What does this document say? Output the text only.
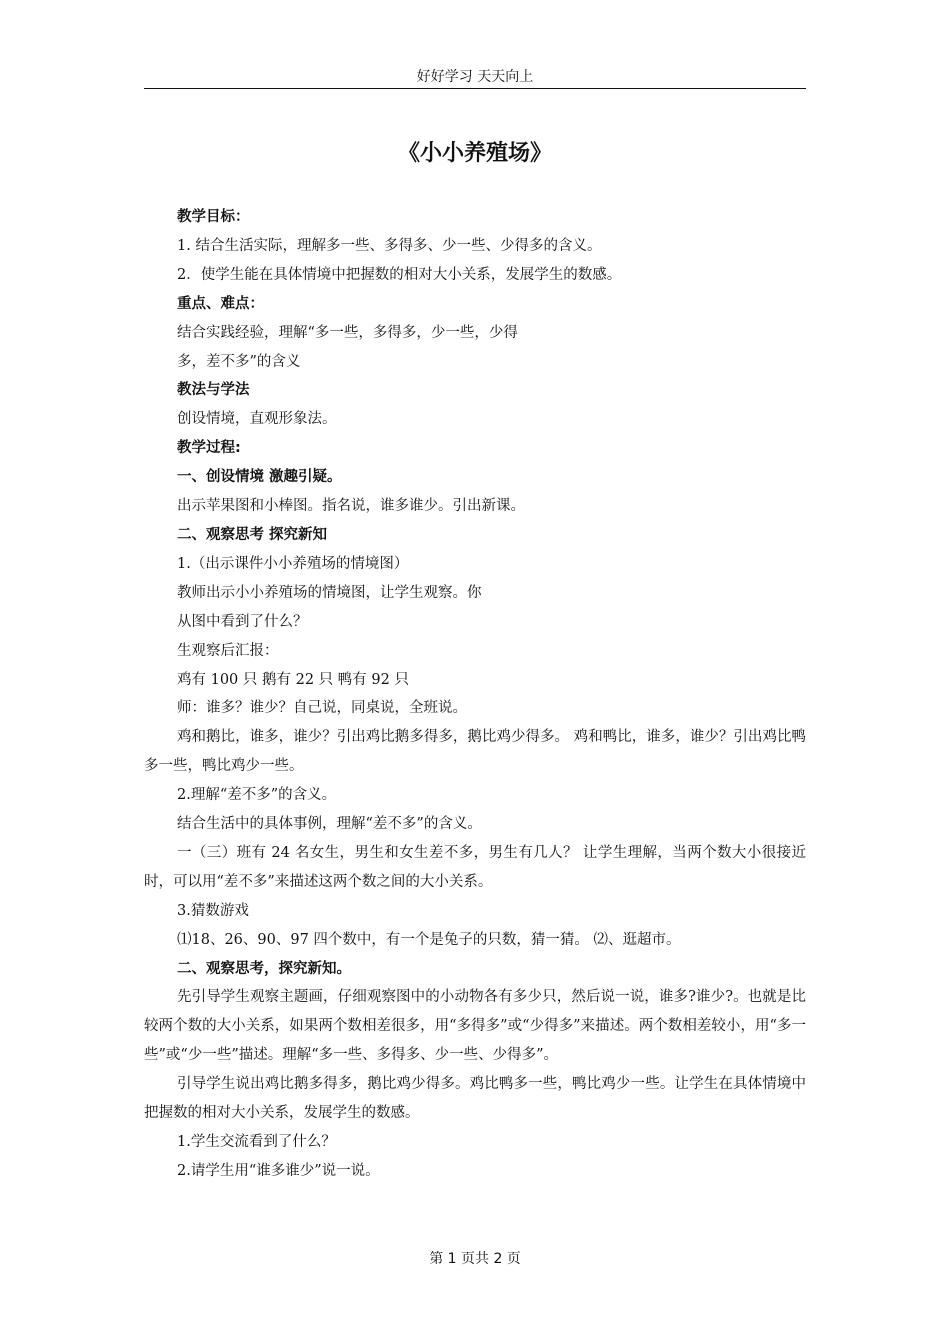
好好学习 天天向上
《小小养殖场》
教学目标：
1. 结合生活实际，理解多一些、多得多、少一些、少得多的含义。
2．使学生能在具体情境中把握数的相对大小关系，发展学生的数感。
重点、难点：
结合实践经验，理解“多一些，多得多，少一些，少得
多，差不多”的含义
教法与学法
创设情境，直观形象法。
教学过程:
一、创设情境 激趣引疑。
出示苹果图和小棒图。指名说，谁多谁少。引出新课。
二、观察思考 探究新知
1.（出示课件小小养殖场的情境图）
教师出示小小养殖场的情境图，让学生观察。你
从图中看到了什么？
生观察后汇报：
鸡有 100 只 鹅有 22 只 鸭有 92 只
师：谁多？谁少？自己说，同桌说，全班说。
鸡和鹅比，谁多，谁少？引出鸡比鹅多得多，鹅比鸡少得多。 鸡和鸭比，谁多，谁少？引出鸡比鸭多一些，鸭比鸡少一些。
2.理解“差不多”的含义。
结合生活中的具体事例，理解“差不多”的含义。
一（三）班有 24 名女生，男生和女生差不多，男生有几人？ 让学生理解，当两个数大小很接近时，可以用“差不多”来描述这两个数之间的大小关系。
3.猜数游戏
⑴18、26、90、97 四个数中，有一个是兔子的只数，猜一猜。 ⑵、逛超市。
二、观察思考，探究新知。
先引导学生观察主题画，仔细观察图中的小动物各有多少只，然后说一说，谁多?谁少?。也就是比较两个数的大小关系，如果两个数相差很多，用“多得多”或“少得多”来描述。两个数相差较小，用“多一些”或“少一些”描述。理解“多一些、多得多、少一些、少得多”。
引导学生说出鸡比鹅多得多，鹅比鸡少得多。鸡比鸭多一些，鸭比鸡少一些。让学生在具体情境中把握数的相对大小关系，发展学生的数感。
1.学生交流看到了什么？
2.请学生用“谁多谁少”说一说。
第 1 页共 2 页
